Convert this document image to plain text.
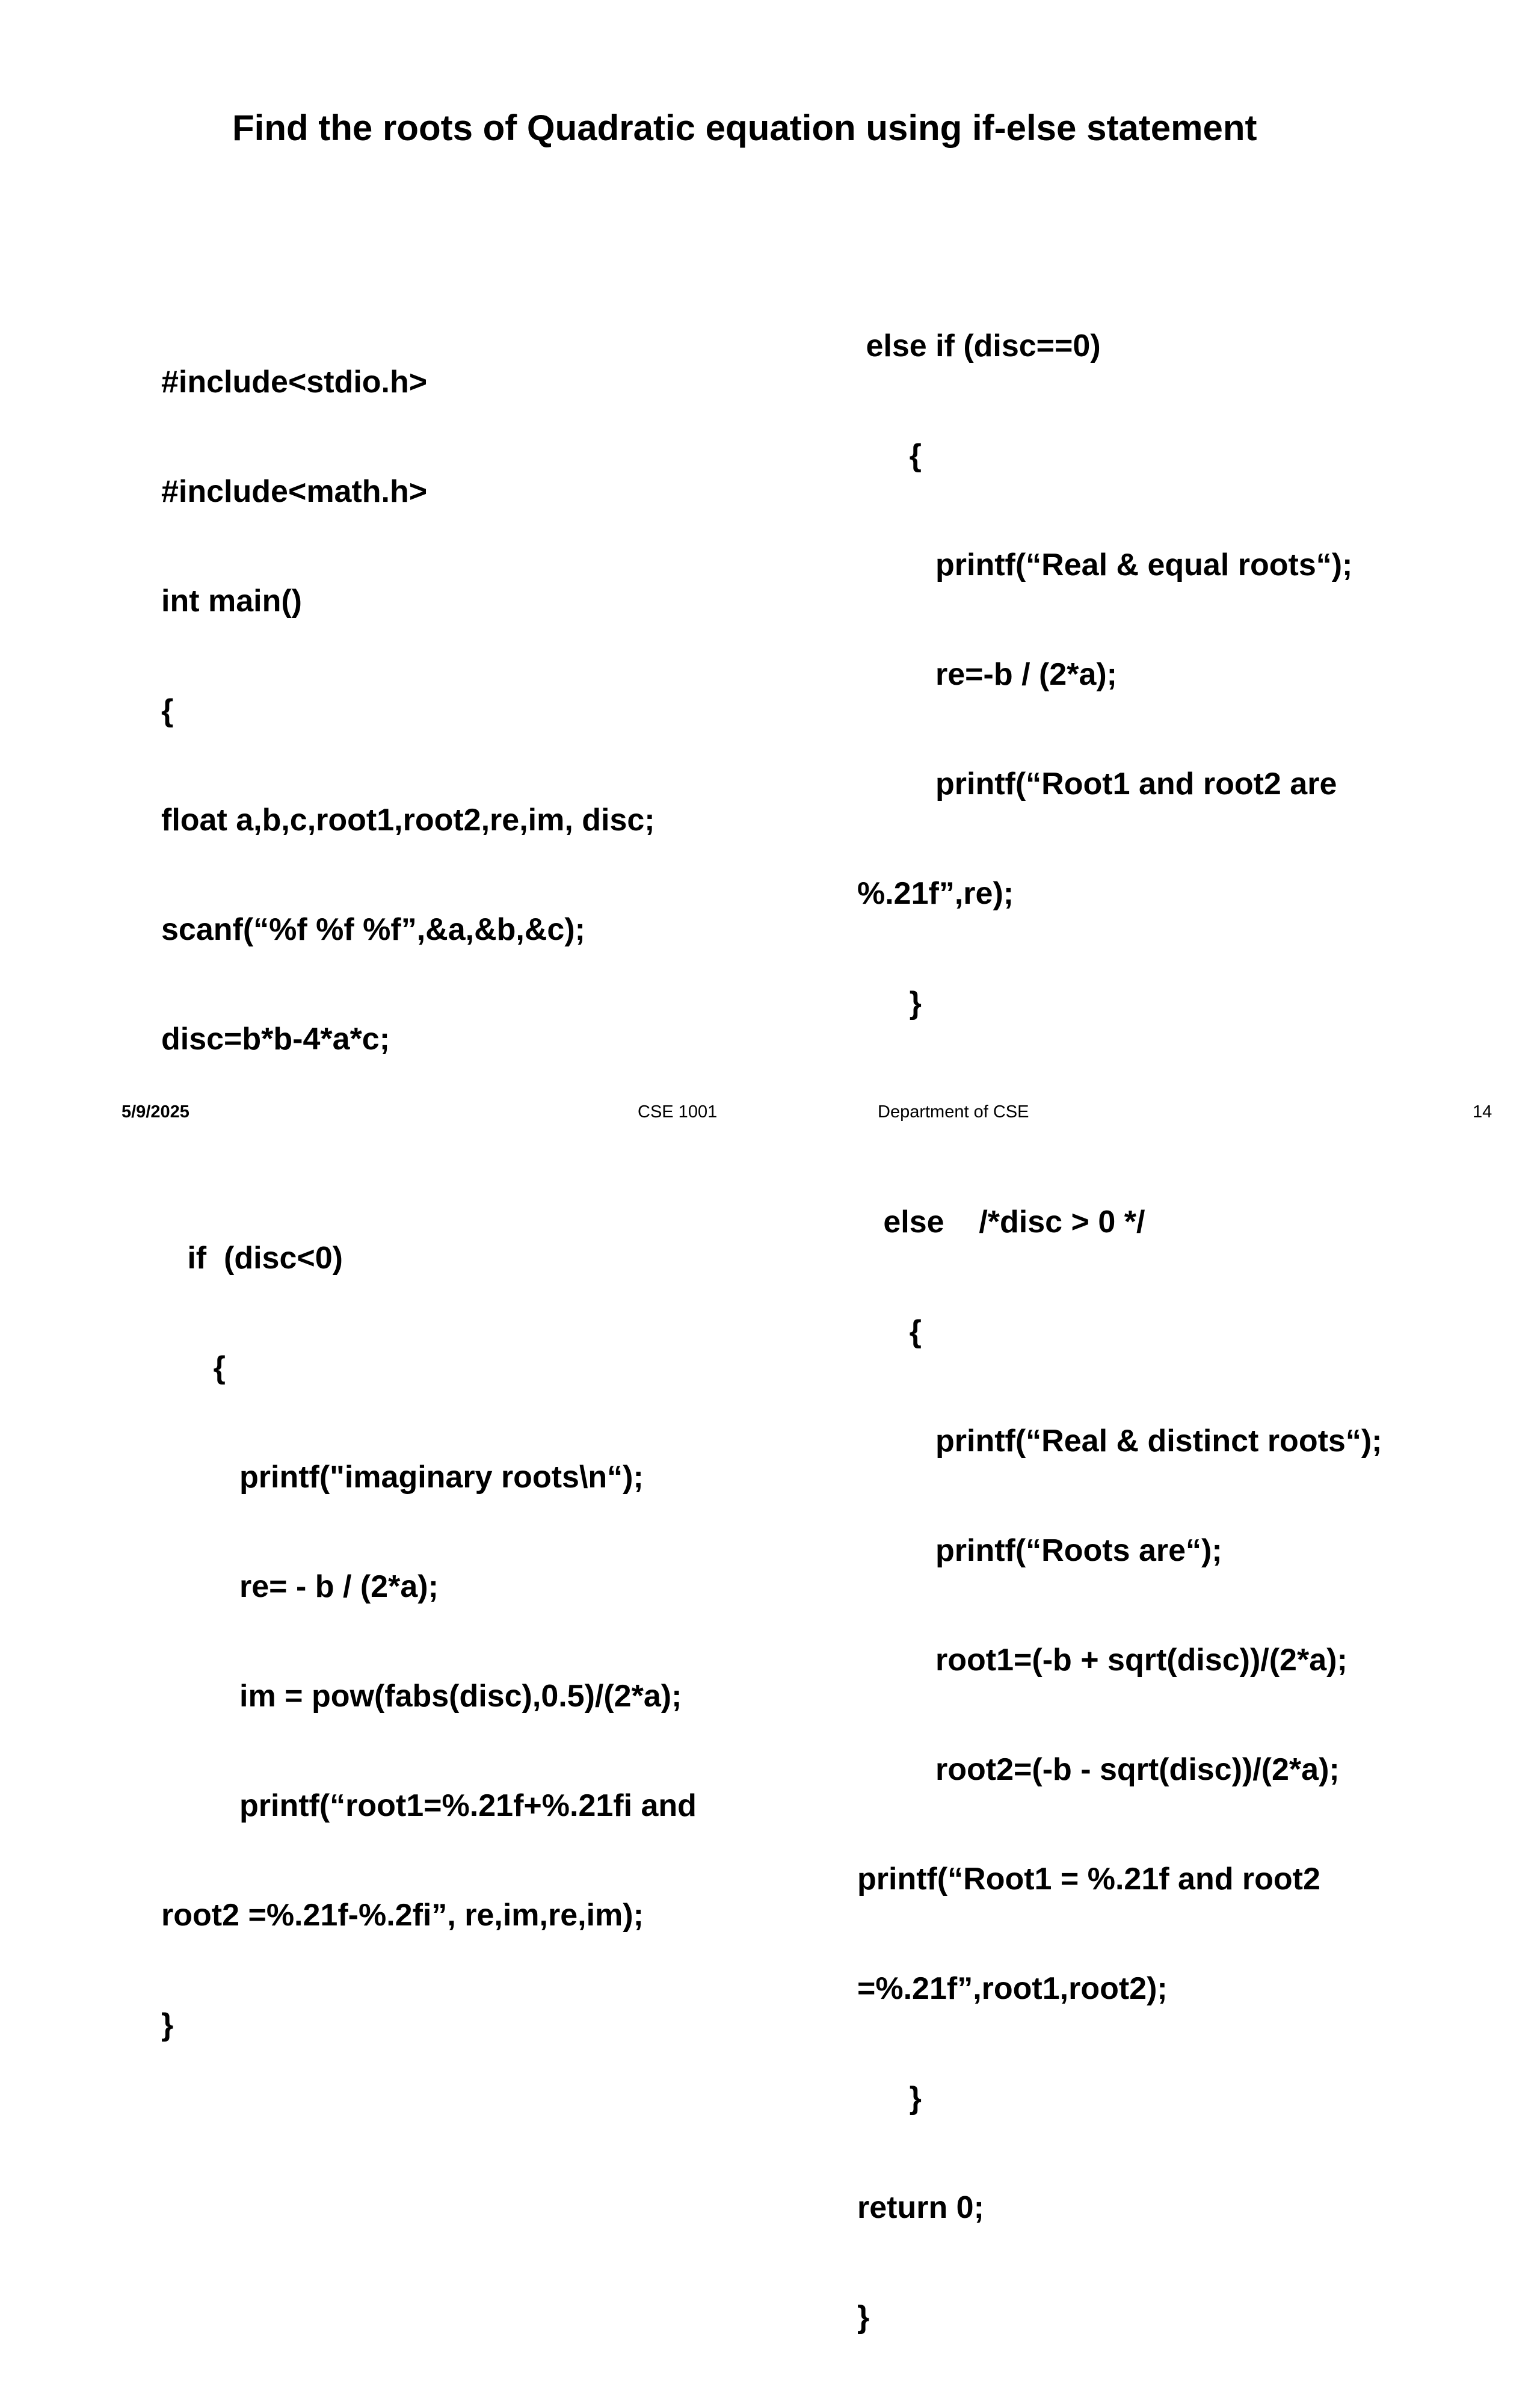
Find the roots of Quadratic equation using if-else statement

#include<stdio.h>

#include<math.h>

int main()

{

float a,b,c,root1,root2,re,im, disc;

scanf(“%f %f %f”,&a,&b,&c);

disc=b*b-4*a*c;

if  (disc<0)

{

printf("imaginary roots\n“);

re= - b / (2*a);

im = pow(fabs(disc),0.5)/(2*a);

printf(“root1=%.21f+%.21fi and

root2 =%.21f-%.2fi”, re,im,re,im);

}

else if (disc==0)

{

printf(“Real & equal roots“);

re=-b / (2*a);

printf(“Root1 and root2 are

%.21f”,re);

}

else    /*disc > 0 */

{

printf(“Real & distinct roots“);

printf(“Roots are“);

root1=(-b + sqrt(disc))/(2*a);

root2=(-b - sqrt(disc))/(2*a);

printf(“Root1 = %.21f and root2

=%.21f”,root1,root2);

}

return 0;

}

5/9/2025	CSE 1001	Department of CSE	14
